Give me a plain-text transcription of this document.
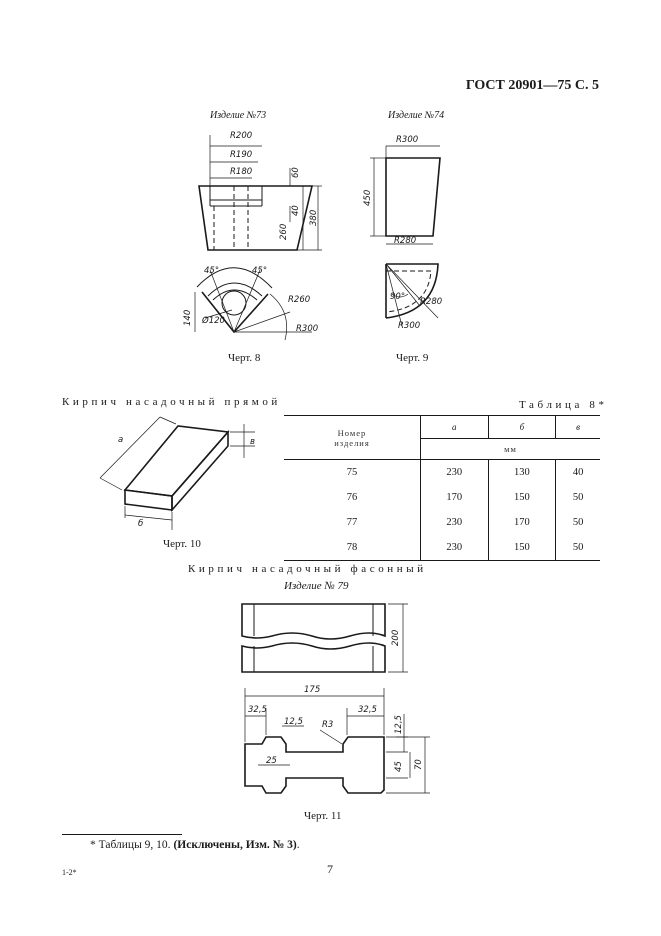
ГОСТ 20901—75 С. 5
Изделие №73
R200
R190
R180	60
40
260
380
45°	45°
140 Ø120
R260
R300
Черт. 8
Изделие №74
R300
450
R280
90° R280
R300
Черт. 9
Кирпич насадочный прямой	Таблица 8*
а
б
в
Черт. 10
Номер
изделия	а	б	в
	мм		
75	230	130	40
76	170	150	50
77	230	170	50
78	230	150	50
Кирпич насадочный фасонный
Изделие № 79
200
175
32,5
12,5 R3
32,5
12,5
25
45 70
Черт. 11
* Таблицы 9, 10. (Исключены, Изм. № 3).
1-2*	7
